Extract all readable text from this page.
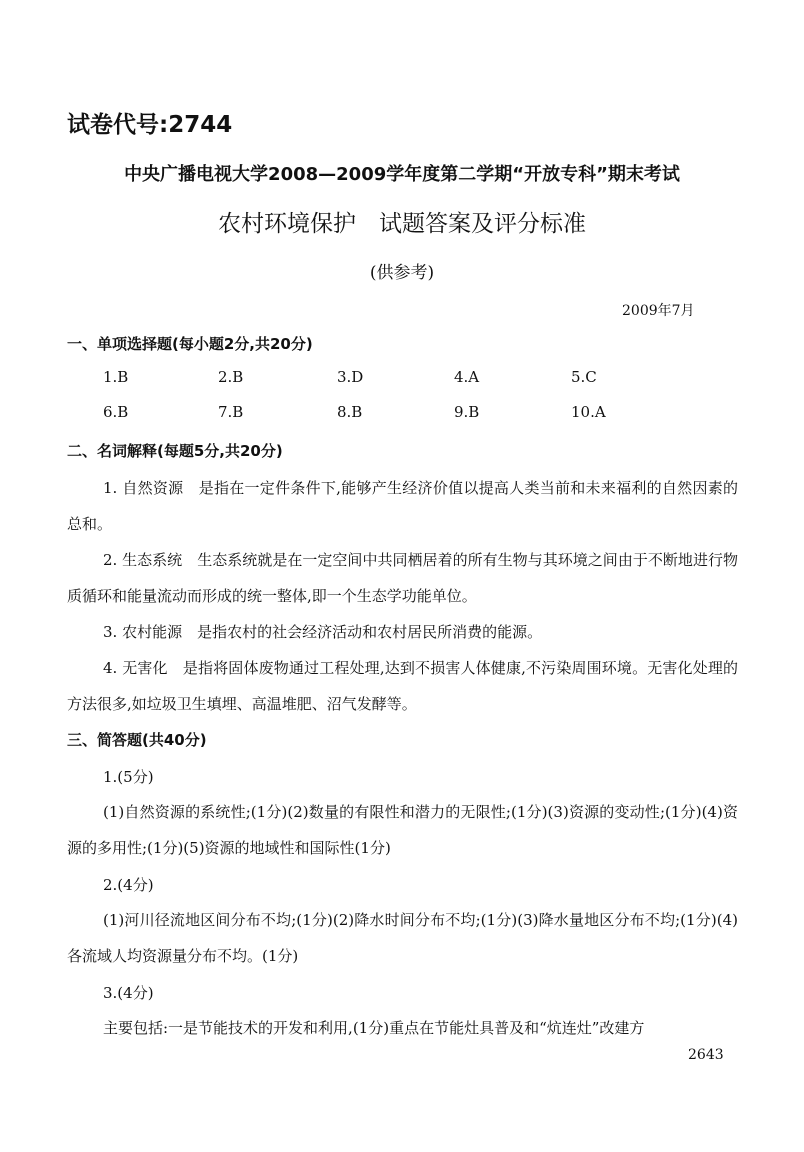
试卷代号:2744
中央广播电视大学2008—2009学年度第二学期“开放专科”期末考试
农村环境保护　试题答案及评分标准
(供参考)
2009年7月
一、单项选择题(每小题2分,共20分)
1.B	2.B	3.D	4.A	5.C
6.B	7.B	8.B	9.B	10.A
二、名词解释(每题5分,共20分)
1. 自然资源　是指在一定件条件下,能够产生经济价值以提高人类当前和未来福利的自然因素的总和。
2. 生态系统　生态系统就是在一定空间中共同栖居着的所有生物与其环境之间由于不断地进行物质循环和能量流动而形成的统一整体,即一个生态学功能单位。
3. 农村能源　是指农村的社会经济活动和农村居民所消费的能源。
4. 无害化　是指将固体废物通过工程处理,达到不损害人体健康,不污染周围环境。无害化处理的方法很多,如垃圾卫生填埋、高温堆肥、沼气发酵等。
三、简答题(共40分)
1.(5分)
(1)自然资源的系统性;(1分)(2)数量的有限性和潜力的无限性;(1分)(3)资源的变动性;(1分)(4)资源的多用性;(1分)(5)资源的地域性和国际性(1分)
2.(4分)
(1)河川径流地区间分布不均;(1分)(2)降水时间分布不均;(1分)(3)降水量地区分布不均;(1分)(4)各流域人均资源量分布不均。(1分)
3.(4分)
主要包括:一是节能技术的开发和利用,(1分)重点在节能灶具普及和“炕连灶”改建方
2643
